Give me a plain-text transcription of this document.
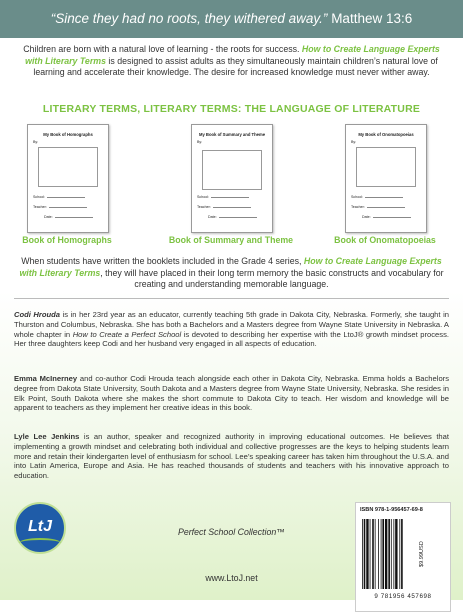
“Since they had no roots, they withered away.” Matthew 13:6
Children are born with a natural love of learning - the roots for success. How to Create Language Experts with Literary Terms is designed to assist adults as they simultaneously maintain children’s natural love of learning and accelerate their knowledge. The desire for increased knowledge must never wither away.
LITERARY TERMS, LITERARY TERMS: THE LANGUAGE OF LITERATURE
My Book of Homographs
By:
School:
Teacher:
Date:
My Book of Summary and Theme
By:
School:
Teacher:
Date:
My Book of Onomatopoeias
By:
School:
Teacher:
Date:
Book of Homographs	Book of Summary and Theme	Book of Onomatopoeias
When students have written the booklets included in the Grade 4 series, How to Create Language Experts with Literary Terms, they will have placed in their long term memory the basic constructs and vocabulary for creating and understanding memorable language.
Codi Hrouda is in her 23rd year as an educator, currently teaching 5th grade in Dakota City, Nebraska. Formerly, she taught in Thurston and Columbus, Nebraska. She has both a Bachelors and a Masters degree from Wayne State University in Nebraska. A whole chapter in How to Create a Perfect School is devoted to describing her expertise with the LtoJ® growth mindset process. Her three daughters keep Codi and her husband very engaged in all aspects of education.
Emma McInerney and co-author Codi Hrouda teach alongside each other in Dakota City, Nebraska. Emma holds a Bachelors degree from Dakota State University, South Dakota and a Masters degree from Wayne State University, Nebraska. She resides in Elk Point, South Dakota where she makes the short commute to Dakota City to teach. Her wisdom and knowledge will be apparent to teachers as they implement her creative ideas in this book.
Lyle Lee Jenkins is an author, speaker and recognized authority in improving educational outcomes. He believes that implementing a growth mindset and celebrating both individual and collective progresses are the keys to helping students learn more and retain their kindergarten level of enthusiasm for school. Lee’s speaking career has taken him throughout the U.S.A. and into Latin America, Europe and Asia. He has reached thousands of students and teachers with his innovative approach to education.
LtJ	Perfect School Collection™
www.LtoJ.net
ISBN 978-1-956457-69-8
$9.99USD
9 781956 457698
